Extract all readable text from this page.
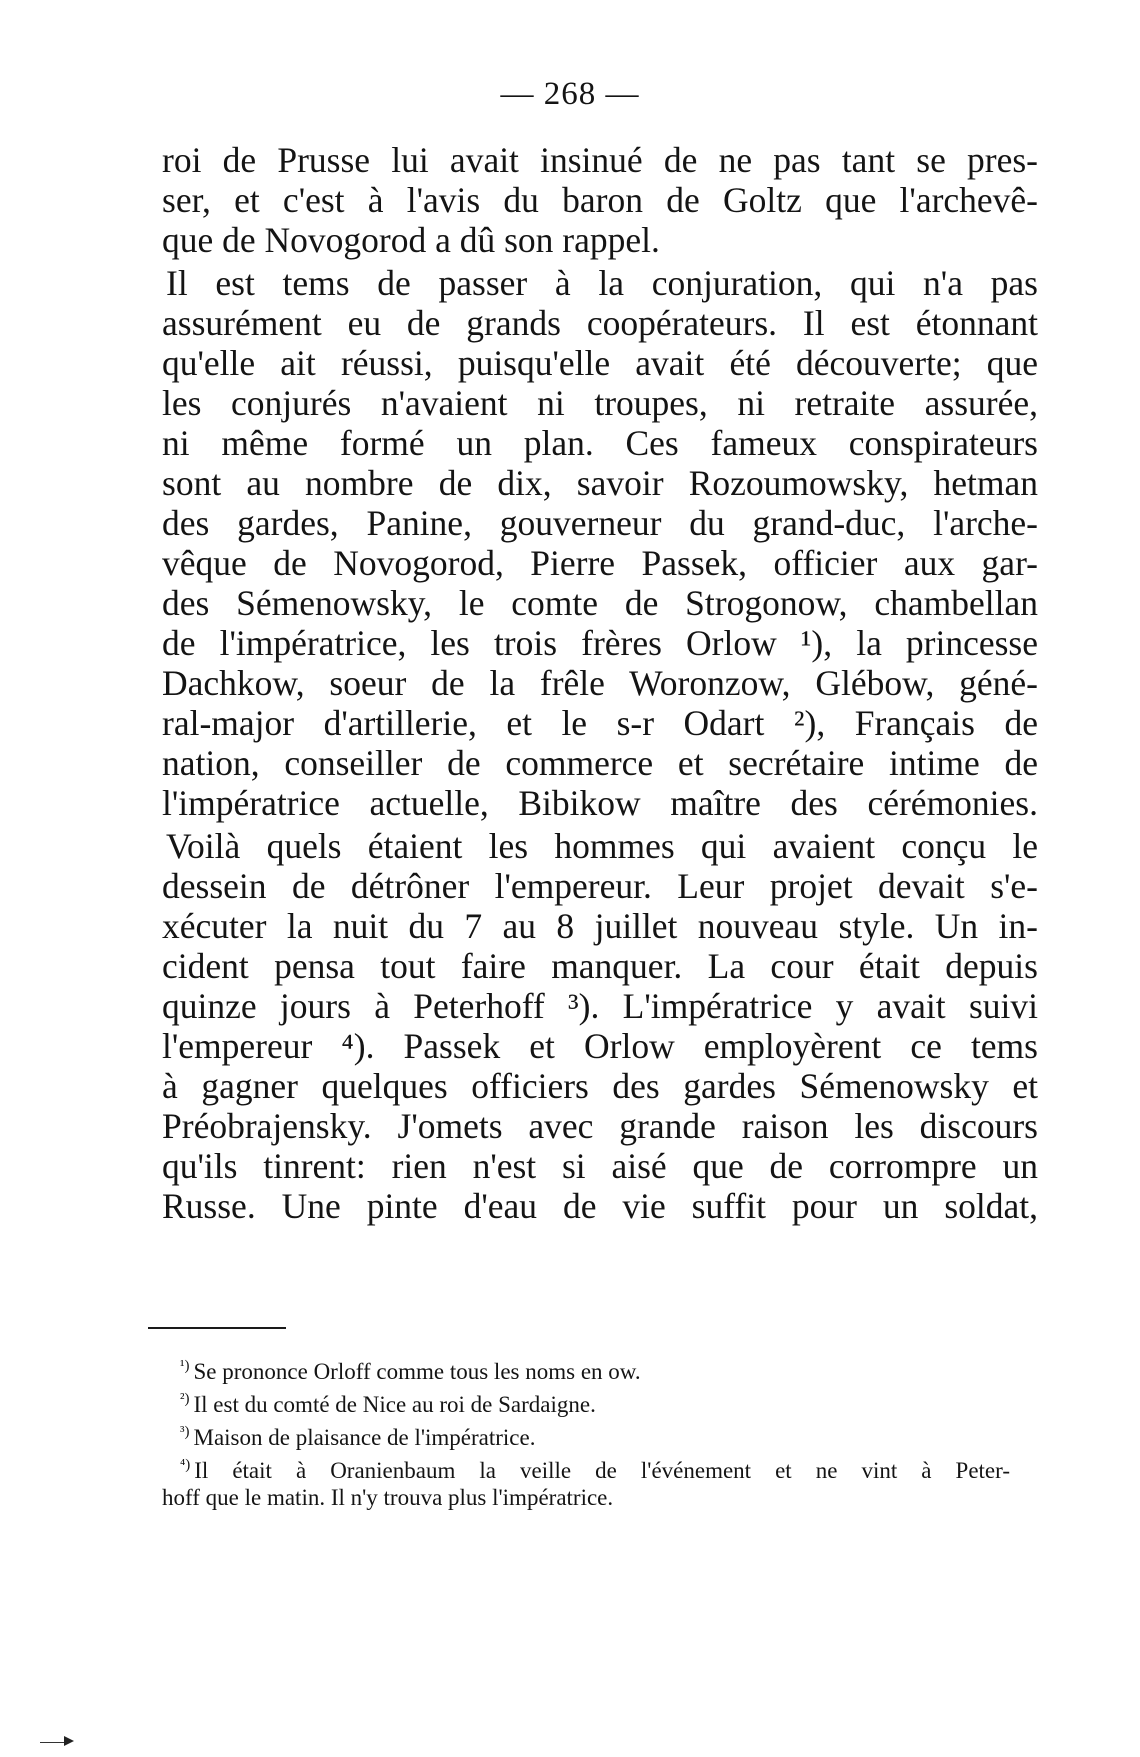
— 268 —
roi de Prusse lui avait insinué de ne pas tant se pres-
ser, et c'est à l'avis du baron de Goltz que l'archevê-
que de Novogorod a dû son rappel.
Il est tems de passer à la conjuration, qui n'a pas
assurément eu de grands coopérateurs. Il est étonnant
qu'elle ait réussi, puisqu'elle avait été découverte; que
les conjurés n'avaient ni troupes, ni retraite assurée,
ni même formé un plan. Ces fameux conspirateurs
sont au nombre de dix, savoir Rozoumowsky, hetman
des gardes, Panine, gouverneur du grand-duc, l'arche-
vêque de Novogorod, Pierre Passek, officier aux gar-
des Sémenowsky, le comte de Strogonow, chambellan
de l'impératrice, les trois frères Orlow ¹), la princesse
Dachkow, soeur de la frêle Woronzow, Glébow, géné-
ral-major d'artillerie, et le s-r Odart ²), Français de
nation, conseiller de commerce et secrétaire intime de
l'impératrice actuelle, Bibikow maître des cérémonies.
Voilà quels étaient les hommes qui avaient conçu le
dessein de détrôner l'empereur. Leur projet devait s'e-
xécuter la nuit du 7 au 8 juillet nouveau style. Un in-
cident pensa tout faire manquer. La cour était depuis
quinze jours à Peterhoff ³). L'impératrice y avait suivi
l'empereur ⁴). Passek et Orlow employèrent ce tems
à gagner quelques officiers des gardes Sémenowsky et
Préobrajensky. J'omets avec grande raison les discours
qu'ils tinrent: rien n'est si aisé que de corrompre un
Russe. Une pinte d'eau de vie suffit pour un soldat,
$^{^1)}$ Se prononce Orloff comme tous les noms en ow.
$^{^2)}$ Il est du comté de Nice au roi de Sardaigne.
$^{^3)}$ Maison de plaisance de l'impératrice.
$^{^4)}$ Il était à Oranienbaum la veille de l'événement et ne vint à Peter-
hoff que le matin. Il n'y trouva plus l'impératrice.
